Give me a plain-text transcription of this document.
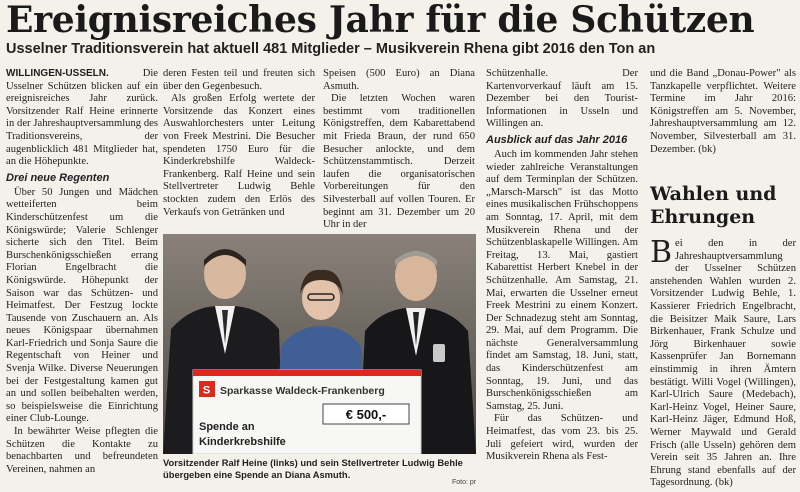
Ereignisreiches Jahr für die Schützen
Usselner Traditionsverein hat aktuell 481 Mitglieder – Musikverein Rhena gibt 2016 den Ton an

WILLINGEN-USSELN.	Die Usselner Schützen blicken auf ein ereignisreiches Jahr zurück. Vorsitzender Ralf Heine erinnerte in der Jahreshauptversammlung des Traditionsvereins, der augenblicklich 481 Mitglieder hat, an die Höhepunkte.

Drei neue Regenten

Über 50 Jungen und Mädchen wetteiferten beim Kinderschützenfest um die Königswürde; Valerie Schlenger sicherte sich den Titel. Beim Burschenkönigsschießen errang Florian Engelbracht die Königswürde. Höhepunkt der Saison war das Schützen- und Heimatfest. Der Festzug lockte Tausende von Zuschauern an. Als neues Königspaar übernahmen Karl-Friedrich und Sonja Saure die Regentschaft von Heiner und Svenja Wilke. Diverse Neuerungen bei der Festgestaltung kamen gut an und sollen beibehalten werden, so beispielsweise die Einrichtung einer Club-Lounge.

In bewährter Weise pflegten die Schützen die Kontakte zu benachbarten und befreundeten Vereinen, nahmen an

deren Festen teil und freuten sich über den Gegenbesuch.

Als großen Erfolg wertete der Vorsitzende das Konzert eines Auswahlorchesters unter Leitung von Freek Mestrini. Die Besucher spendeten 1750 Euro für die Kinderkrebshilfe Waldeck-Frankenberg. Ralf Heine und sein Stellvertreter Ludwig Behle stockten zudem den Erlös des Verkaufs von Getränken und

Speisen (500 Euro) an Diana Asmuth.

Die letzten Wochen waren bestimmt vom traditionellen Königstreffen, dem Kabarettabend mit Frieda Braun, der rund 650 Besucher anlockte, und dem Schützenstammtisch. Derzeit laufen die organisatorischen Vorbereitungen für den Silvesterball auf vollen Touren. Er beginnt am 31. Dezember um 20 Uhr in der

Schützenhalle. Der Kartenvorverkauf läuft am 15. Dezember bei den Tourist-Informationen in Usseln und Willingen an.

Ausblick auf das Jahr 2016

Auch im kommenden Jahr stehen wieder zahlreiche Veranstaltungen auf dem Terminplan der Schützen. „Marsch-Marsch" ist das Motto eines musikalischen Frühschoppens am Sonntag, 17. April, mit dem Musikverein Rhena und der Schützenblaskapelle Willingen. Am Freitag, 13. Mai, gastiert Kabarettist Herbert Knebel in der Schützenhalle. Am Samstag, 21. Mai, erwarten die Usselner erneut Freek Mestrini zu einem Konzert. Der Schnadezug steht am Sonntag, 29. Mai, auf dem Programm. Die nächste Generalversammlung findet am Samstag, 18. Juni, statt, das Kinderschützenfest am Sonntag, 19. Juni, und das Burschenkönigsschießen am Samstag, 25. Juni.

Für das Schützen- und Heimatfest, das vom 23. bis 25. Juli gefeiert wird, wurden der Musikverein Rhena als Fest-

und die Band „Donau-Power" als Tanzkapelle verpflichtet. Weitere Termine im Jahr 2016: Königstreffen am 5. November, Jahreshauptversammlung am 12. November, Silvesterball am 31. Dezember. (bk)

Wahlen und Ehrungen

Bei den in der Jahreshauptversammlung der Usselner Schützen anstehenden Wahlen wurden 2. Vorsitzender Ludwig Behle, 1. Kassierer Friedrich Engelbracht, die Beisitzer Maik Saure, Lars Birkenhauer, Frank Schulze und Jörg Birkenhauer sowie Kassenprüfer Jan Bornemann einstimmig in ihren Ämtern bestätigt. Willi Vogel (Willingen), Karl-Ulrich Saure (Medebach), Karl-Heinz Vogel, Heiner Saure, Karl-Heinz Jäger, Edmund Hoß, Werner Maywald und Gerald Frisch (alle Usseln) gehören dem Verein seit 35 Jahren an. Ihre Ehrung stand ebenfalls auf der Tagesordnung. (bk)

S Sparkasse Waldeck-Frankenberg
€ 500,-
Spende an
Kinderkrebshilfe
Vorsitzender Ralf Heine (links) und sein Stellvertreter Ludwig Behle übergeben eine Spende an Diana Asmuth.
Foto: pr
